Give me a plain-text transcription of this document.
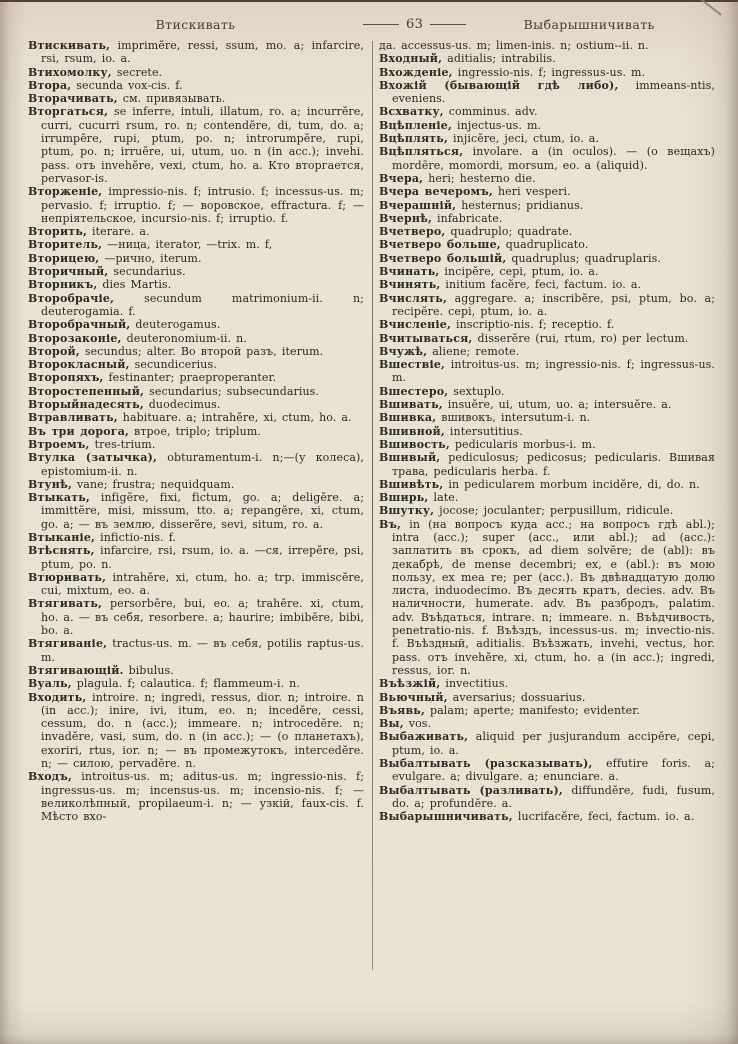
Втискивать	63	Выбарышничивать

Втискивать, imprimĕre, ressi, ssum, mo. a; infarcire, rsi, rsum, io. a.

Втихомолку, secrete.

Втора, secunda vox-cis. f.

Вторачивать, см. привязывать.

Вторгаться, se inferre, intuli, illatum, ro. a; incurrĕre, curri, cucurri rsum, ro. n; contendĕre, di, tum, do. a; irrumpĕre, rupi, ptum, po. n; introrumpĕre, rupi, ptum, po. n; irruĕre, ui, utum, uo. n (in acc.); invehi. pass. отъ invehĕre, vexi, ctum, ho. a. Кто вторгается, pervasor-is.

Вторженіе, impressio-nis. f; intrusio. f; incessus-us. m; pervasio. f; irruptio. f; — воровское, effractura. f; — непріятельское, incursio-nis. f; irruptio. f.

Вторить, iterare. a.

Вторитель, —ница, iterator, —trix. m. f,

Вторицею, —рично, iterum.

Вторичный, secundarius.

Вторникъ, dies Martis.

Второбрачіе, secundum matrimonium-ii. n; deuterogamia. f.

Второбрачный, deuterogamus.

Второзаконіе, deuteronomium-ii. n.

Второй, secundus; alter. Во второй разъ, iterum.

Второкласный, secundicerius.

Второпяхъ, festinanter; praeproperanter.

Второстепенный, secundarius; subsecundarius.

Вторыйнадесять, duodecimus.

Втравливать, habituare. a; intrahĕre, xi, ctum, ho. a.

Въ три дорога, втрое, triplo; triplum.

Втроемъ, tres-trium.

Втулка (затычка), obturamentum-i. n;—(у колеса), epistomium-ii. n.

Втунѣ, vane; frustra; nequidquam.

Втыкать, infigĕre, fixi, fictum, go. a; deligĕre. a; immittĕre, misi, missum, tto. a; repangĕre, xi, ctum, go. a; — въ землю, disserĕre, sevi, situm, ro. a.

Втыканіе, infictio-nis. f.

Втѣснять, infarcire, rsi, rsum, io. a. —ся, irrepĕre, psi, ptum, po. n.

Втюривать, intrahĕre, xi, ctum, ho. a; trp. immiscĕre, cui, mixtum, eo. a.

Втягивать, persorbĕre, bui, eo. a; trahĕre. xi, ctum, ho. a. — въ себя, resorbere. a; haurire; imbibĕre, bibi, bo. a.

Втягиваніе, tractus-us. m. — въ себя, potilis raptus-us. m.

Втягивающій. bibulus.

Вуаль, plagula. f; calautica. f; flammeum-i. n.

Входить, introire. n; ingredi, ressus, dior. n; introire. n (in acc.); inire, ivi, itum, eo. n; incedĕre, cessi, cessum, do. n (acc.); immeare. n; introcedĕre. n; invadĕre, vasi, sum, do. n (in acc.); — (о планетахъ), exoriri, rtus, ior. n; — въ промежутокъ, intercedĕre. n; — силою, pervadĕre. n.

Входъ, introitus-us. m; aditus-us. m; ingressio-nis. f; ingressus-us. m; incensus-us. m; incensio-nis. f; — великолѣпный, propilaeum-i. n; — узкій, faux-cis. f. Мѣсто вхо-

да. accessus-us. m; limen-inis. n; ostium--ii. n.

Входный, aditialis; intrabilis.

Вхожденіе, ingressio-nis. f; ingressus-us. m.

Вхожій (бывающій гдѣ либо), immeans-ntis, eveniens.

Всхватку, comminus. adv.

Вцѣпленіе, injectus-us. m.

Вцѣплять, injicĕre, jeci, ctum, io. a.

Вцѣпляться, involare. a (in oculos). — (о вещахъ) mordēre, momordi, morsum, eo. a (aliquid).

Вчера, heri; hesterno die.

Вчера вечеромъ, heri vesperi.

Вчерашній, hesternus; pridianus.

Вчернѣ, infabricate.

Вчетверо, quadruplo; quadrate.

Вчетверо больше, quadruplicato.

Вчетверо большій, quadruplus; quadruplaris.

Вчинать, incipĕre, cepi, ptum, io. a.

Вчинять, initium facĕre, feci, factum. io. a.

Вчислять, aggregare. a; inscribĕre, psi, ptum, bo. a; recipĕre. cepi, ptum, io. a.

Вчисленіе, inscriptio-nis. f; receptio. f.

Вчитываться, disserĕre (rui, rtum, ro) per lectum.

Вчужѣ, aliene; remote.

Вшествіе, introitus-us. m; ingressio-nis. f; ingressus-us. m.

Вшестеро, sextuplo.

Вшивать, insuĕre, ui, utum, uo. a; intersuĕre. a.

Вшивка, вшивокъ, intersutum-i. n.

Вшивной, intersutitius.

Вшивость, pedicularis morbus-i. m.

Вшивый, pediculosus; pedicosus; pedicularis. Вшивая трава, pedicularis herba. f.

Вшивѣть, in pedicularem morbum incidĕre, di, do. n.

Вширь, late.

Вшутку, jocose; joculanter; perpusillum, ridicule.

Въ, in (на вопросъ куда acc.; на вопросъ гдѣ abl.); intra (acc.); super (acc., или abl.); ad (acc.): заплатить въ срокъ, ad diem solvĕre; de (abl): въ декабрѣ, de mense decembri; ex, e (abl.): въ мою пользу, ex mea re; per (acc.). Въ двѣнадцатую долю листа, induodecimo. Въ десять кратъ, decies. adv. Въ наличности, humerate. adv. Въ разбродъ, palatim. adv. Въѣдаться, intrare. n; immeare. n. Въѣдчивость, penetratio-nis. f. Въѣздъ, incessus-us. m; invectio-nis. f. Въѣздный, aditialis. Въѣзжать, invehi, vectus, hor. pass. отъ invehĕre, xi, ctum, ho. a (in acc.); ingredi, ressus, ior. n.

Въѣзжій, invectitius.

Вьючный, aversarius; dossuarius.

Въявь, palam; aperte; manifesto; evidenter.

Вы, vos.

Выбаживать, aliquid per jusjurandum accipĕre, cepi, ptum, io. a.

Выбалтывать (разсказывать), effutire foris. a; evulgare. a; divulgare. a; enunciare. a.

Выбалтывать (разливать), diffundĕre, fudi, fusum, do. a; profundĕre. a.

Выбарышничивать, lucrifacĕre, feci, factum. io. a.
